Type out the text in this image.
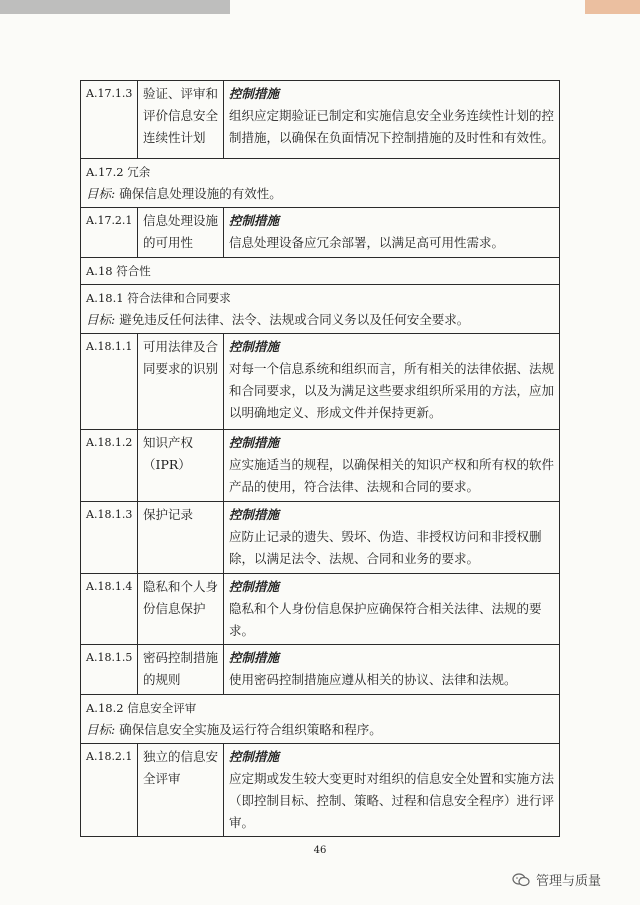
A.17.1.3	验证、评审和评价信息安全连续性计划	控制措施
组织应定期验证已制定和实施信息安全业务连续性计划的控制措施，以确保在负面情况下控制措施的及时性和有效性。

A.17.2 冗余
目标: 确保信息处理设施的有效性。		

A.17.2.1	信息处理设施的可用性	控制措施
信息处理设备应冗余部署，以满足高可用性需求。

A.18 符合性		

A.18.1 符合法律和合同要求
目标: 避免违反任何法律、法令、法规或合同义务以及任何安全要求。		

A.18.1.1	可用法律及合同要求的识别	控制措施
对每一个信息系统和组织而言，所有相关的法律依据、法规和合同要求，以及为满足这些要求组织所采用的方法，应加以明确地定义、形成文件并保持更新。

A.18.1.2	知识产权（IPR）	控制措施
应实施适当的规程，以确保相关的知识产权和所有权的软件产品的使用，符合法律、法规和合同的要求。

A.18.1.3	保护记录	控制措施
应防止记录的遗失、毁坏、伪造、非授权访问和非授权删除，以满足法令、法规、合同和业务的要求。

A.18.1.4	隐私和个人身份信息保护	控制措施
隐私和个人身份信息保护应确保符合相关法律、法规的要求。

A.18.1.5	密码控制措施的规则	控制措施
使用密码控制措施应遵从相关的协议、法律和法规。

A.18.2 信息安全评审
目标: 确保信息安全实施及运行符合组织策略和程序。		

A.18.2.1	独立的信息安全评审	控制措施
应定期或发生较大变更时对组织的信息安全处置和实施方法（即控制目标、控制、策略、过程和信息安全程序）进行评审。
46
管理与质量
